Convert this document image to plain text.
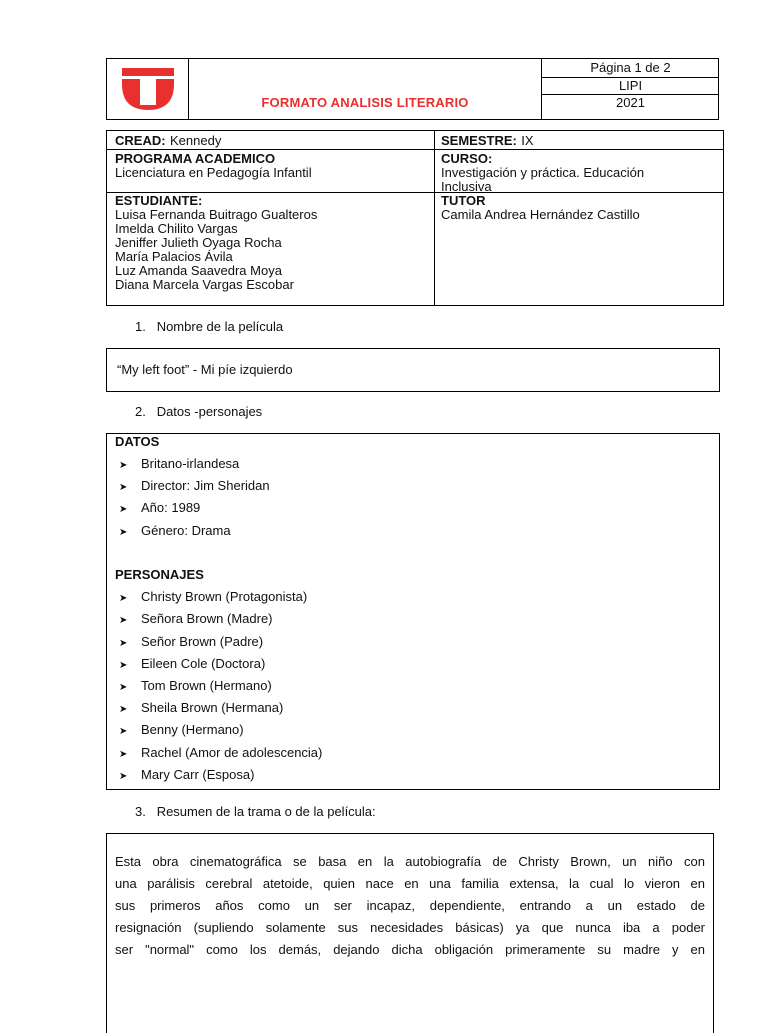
FORMATO ANALISIS LITERARIO
Página 1 de 2
LIPI
2021
CREAD: Kennedy	SEMESTRE: IX
PROGRAMA ACADEMICO
Licenciatura en Pedagogía Infantil
CURSO:
Investigación y práctica. Educación
Inclusiva
ESTUDIANTE:
Luisa Fernanda Buitrago Gualteros
Imelda Chilito Vargas
Jeniffer Julieth Oyaga Rocha
María Palacios Ávila
Luz Amanda Saavedra Moya
Diana Marcela Vargas Escobar
TUTOR
Camila Andrea Hernández Castillo
1. Nombre de la película
“My left foot” - Mi píe izquierdo
2. Datos -personajes
DATOS
➤ Britano-irlandesa
➤ Director: Jim Sheridan
➤ Año: 1989
➤ Género: Drama
PERSONAJES
➤ Christy Brown (Protagonista)
➤ Señora Brown (Madre)
➤ Señor Brown (Padre)
➤ Eileen Cole (Doctora)
➤ Tom Brown (Hermano)
➤ Sheila Brown (Hermana)
➤ Benny (Hermano)
➤ Rachel (Amor de adolescencia)
➤ Mary Carr (Esposa)
3. Resumen de la trama o de la película:
Esta obra cinematográfica se basa en la autobiografía de Christy Brown, un niño con
una parálisis cerebral atetoide, quien nace en una familia extensa, la cual lo vieron en
sus primeros años como un ser incapaz, dependiente, entrando a un estado de
resignación (supliendo solamente sus necesidades básicas) ya que nunca iba a poder
ser "normal" como los demás, dejando dicha obligación primeramente su madre y en
